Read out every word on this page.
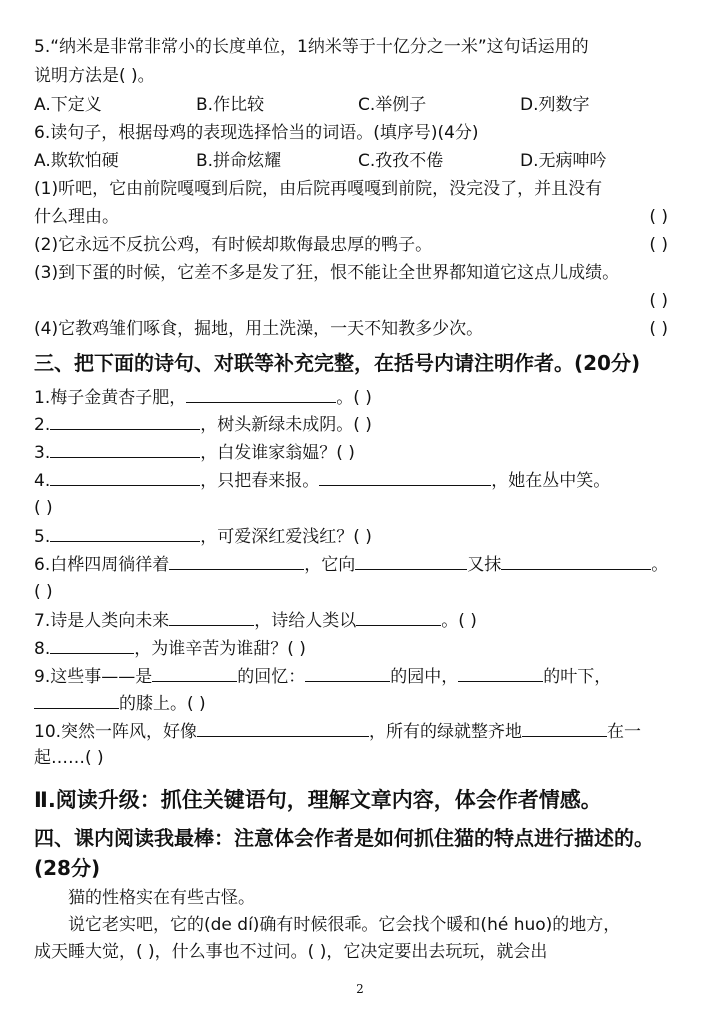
5.“纳米是非常非常小的长度单位，1纳米等于十亿分之一米”这句话运用的
说明方法是( )。
A.下定义	B.作比较	C.举例子	D.列数字
6.读句子，根据母鸡的表现选择恰当的词语。(填序号)(4分)
A.欺软怕硬	B.拼命炫耀	C.孜孜不倦	D.无病呻吟
(1)听吧，它由前院嘎嘎到后院，由后院再嘎嘎到前院，没完没了，并且没有
什么理由。	( )
(2)它永远不反抗公鸡，有时候却欺侮最忠厚的鸭子。	( )
(3)到下蛋的时候，它差不多是发了狂，恨不能让全世界都知道它这点儿成绩。
( )
(4)它教鸡雏们啄食，掘地，用土洗澡，一天不知教多少次。	( )
三、把下面的诗句、对联等补充完整，在括号内请注明作者。(20分)
1.梅子金黄杏子肥，	。( )
2.	，树头新绿未成阴。( )
3.	，白发谁家翁媪？( )
4.	，只把春来报。	，她在丛中笑。
( )
5.	，可爱深红爱浅红？( )
6.白桦四周徜徉着	，它向	又抹	。
( )
7.诗是人类向未来	，诗给人类以	。( )
8.	，为谁辛苦为谁甜？( )
9.这些事——是	的回忆：	的园中，	的叶下，
的膝上。( )
10.突然一阵风，好像	，所有的绿就整齐地	在一
起……( )
Ⅱ.阅读升级：抓住关键语句，理解文章内容，体会作者情感。
四、课内阅读我最棒：注意体会作者是如何抓住猫的特点进行描述的。
(28分)
猫的性格实在有些古怪。
说它老实吧，它的(de dí)确有时候很乖。它会找个暖和(hé huo)的地方，
成天睡大觉，( )，什么事也不过问。( )，它决定要出去玩玩，就会出
2
